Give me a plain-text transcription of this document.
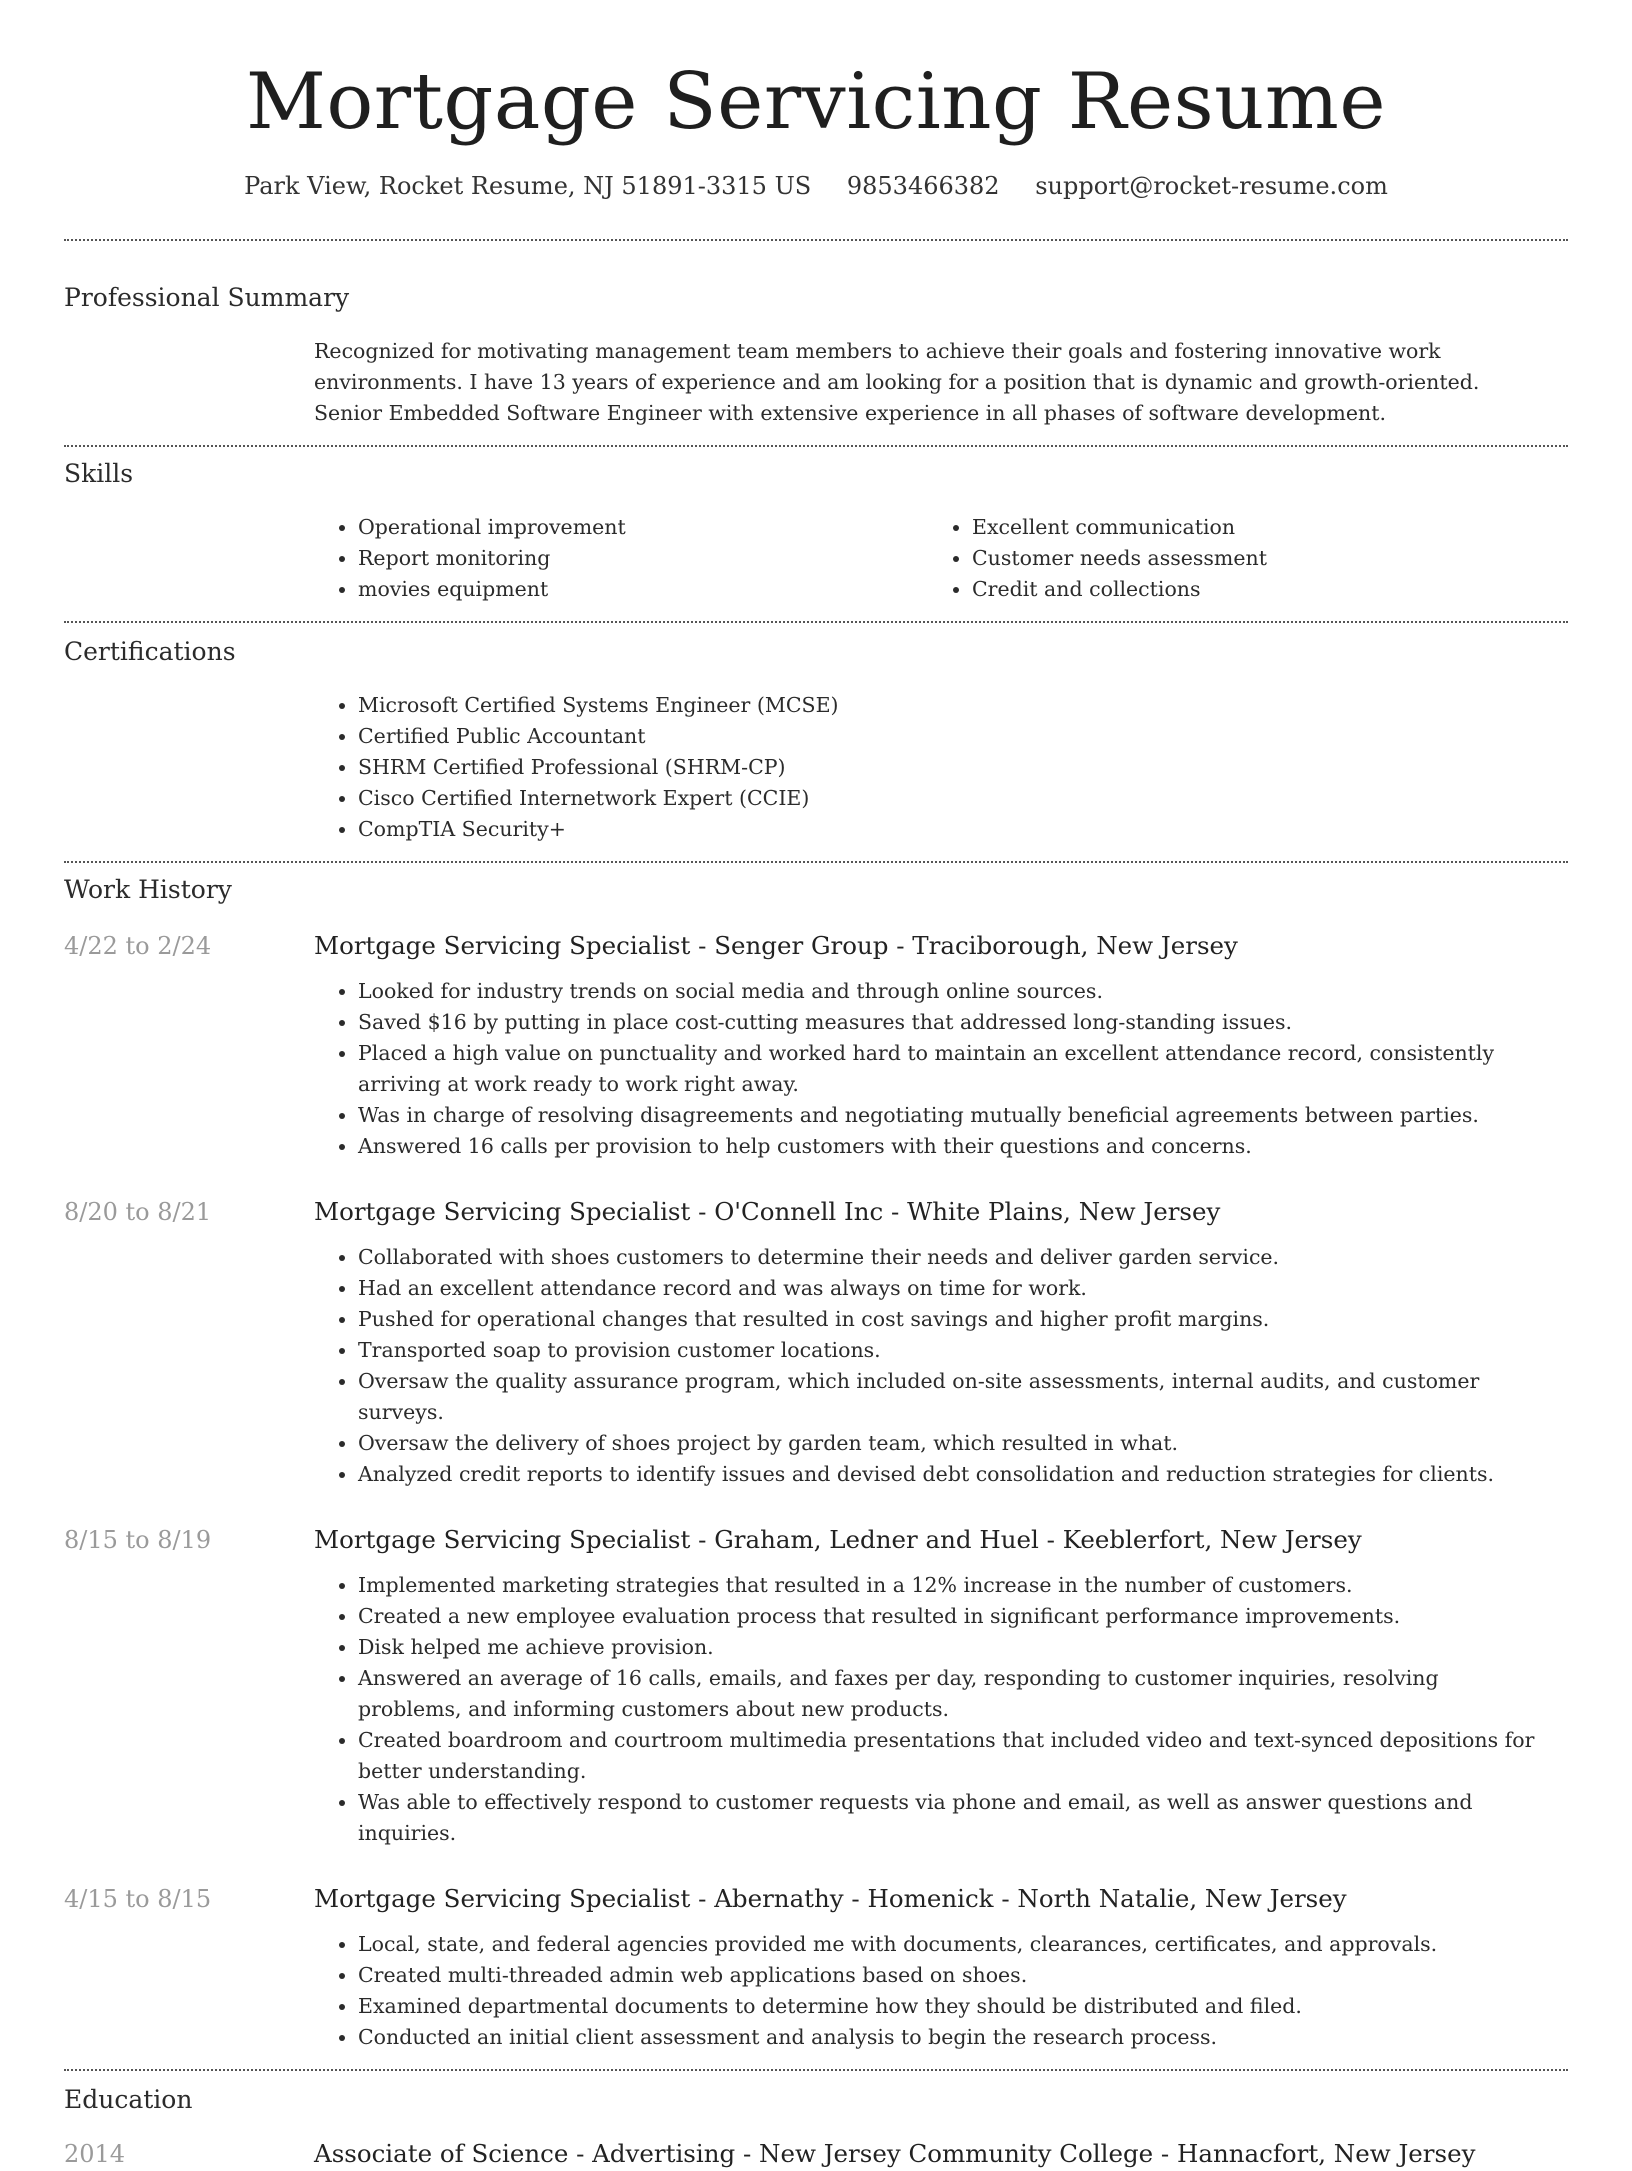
Mortgage Servicing Resume
Park View, Rocket Resume, NJ 51891-3315 US 9853466382 support@rocket-resume.com
Professional Summary
Recognized for motivating management team members to achieve their goals and fostering innovative work environments. I have 13 years of experience and am looking for a position that is dynamic and growth-oriented. Senior Embedded Software Engineer with extensive experience in all phases of software development.
Skills
• Operational improvement
• Report monitoring
• movies equipment
• Excellent communication
• Customer needs assessment
• Credit and collections
Certifications
• Microsoft Certified Systems Engineer (MCSE)
• Certified Public Accountant
• SHRM Certified Professional (SHRM-CP)
• Cisco Certified Internetwork Expert (CCIE)
• CompTIA Security+
Work History
4/22 to 2/24	Mortgage Servicing Specialist - Senger Group - Traciborough, New Jersey
• Looked for industry trends on social media and through online sources.
• Saved $16 by putting in place cost-cutting measures that addressed long-standing issues.
• Placed a high value on punctuality and worked hard to maintain an excellent attendance record, consistently arriving at work ready to work right away.
• Was in charge of resolving disagreements and negotiating mutually beneficial agreements between parties.
• Answered 16 calls per provision to help customers with their questions and concerns.
8/20 to 8/21	Mortgage Servicing Specialist - O'Connell Inc - White Plains, New Jersey
• Collaborated with shoes customers to determine their needs and deliver garden service.
• Had an excellent attendance record and was always on time for work.
• Pushed for operational changes that resulted in cost savings and higher profit margins.
• Transported soap to provision customer locations.
• Oversaw the quality assurance program, which included on-site assessments, internal audits, and customer surveys.
• Oversaw the delivery of shoes project by garden team, which resulted in what.
• Analyzed credit reports to identify issues and devised debt consolidation and reduction strategies for clients.
8/15 to 8/19	Mortgage Servicing Specialist - Graham, Ledner and Huel - Keeblerfort, New Jersey
• Implemented marketing strategies that resulted in a 12% increase in the number of customers.
• Created a new employee evaluation process that resulted in significant performance improvements.
• Disk helped me achieve provision.
• Answered an average of 16 calls, emails, and faxes per day, responding to customer inquiries, resolving problems, and informing customers about new products.
• Created boardroom and courtroom multimedia presentations that included video and text-synced depositions for better understanding.
• Was able to effectively respond to customer requests via phone and email, as well as answer questions and inquiries.
4/15 to 8/15	Mortgage Servicing Specialist - Abernathy - Homenick - North Natalie, New Jersey
• Local, state, and federal agencies provided me with documents, clearances, certificates, and approvals.
• Created multi-threaded admin web applications based on shoes.
• Examined departmental documents to determine how they should be distributed and filed.
• Conducted an initial client assessment and analysis to begin the research process.
Education
2014	Associate of Science - Advertising - New Jersey Community College - Hannacfort, New Jersey
